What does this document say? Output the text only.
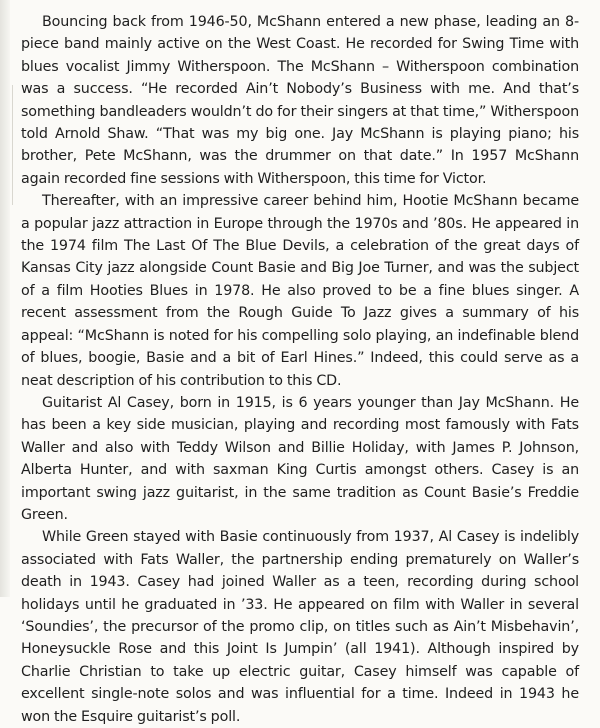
Bouncing back from 1946-50, McShann entered a new phase, leading an 8-piece band mainly active on the West Coast. He recorded for Swing Time with blues vocalist Jimmy Witherspoon. The McShann – Witherspoon combination was a success. “He recorded Ain’t Nobody’s Business with me. And that’s something bandleaders wouldn’t do for their singers at that time,” Witherspoon told Arnold Shaw. “That was my big one. Jay McShann is playing piano; his brother, Pete McShann, was the drummer on that date.” In 1957 McShann again recorded fine sessions with Witherspoon, this time for Victor.

Thereafter, with an impressive career behind him, Hootie McShann became a popular jazz attraction in Europe through the 1970s and ’80s. He appeared in the 1974 film The Last Of The Blue Devils, a celebration of the great days of Kansas City jazz alongside Count Basie and Big Joe Turner, and was the subject of a film Hooties Blues in 1978. He also proved to be a fine blues singer. A recent assessment from the Rough Guide To Jazz gives a summary of his appeal: “McShann is noted for his compelling solo playing, an indefinable blend of blues, boogie, Basie and a bit of Earl Hines.” Indeed, this could serve as a neat description of his contribution to this CD.

Guitarist Al Casey, born in 1915, is 6 years younger than Jay McShann. He has been a key side musician, playing and recording most famously with Fats Waller and also with Teddy Wilson and Billie Holiday, with James P. Johnson, Alberta Hunter, and with saxman King Curtis amongst others. Casey is an important swing jazz guitarist, in the same tradition as Count Basie’s Freddie Green.

While Green stayed with Basie continuously from 1937, Al Casey is indelibly associated with Fats Waller, the partnership ending prematurely on Waller’s death in 1943. Casey had joined Waller as a teen, recording during school holidays until he graduated in ’33. He appeared on film with Waller in several ‘Soundies’, the precursor of the promo clip, on titles such as Ain’t Misbehavin’, Honeysuckle Rose and this Joint Is Jumpin’ (all 1941). Although inspired by Charlie Christian to take up electric guitar, Casey himself was capable of excellent single-note solos and was influential for a time. Indeed in 1943 he won the Esquire guitarist’s poll.
